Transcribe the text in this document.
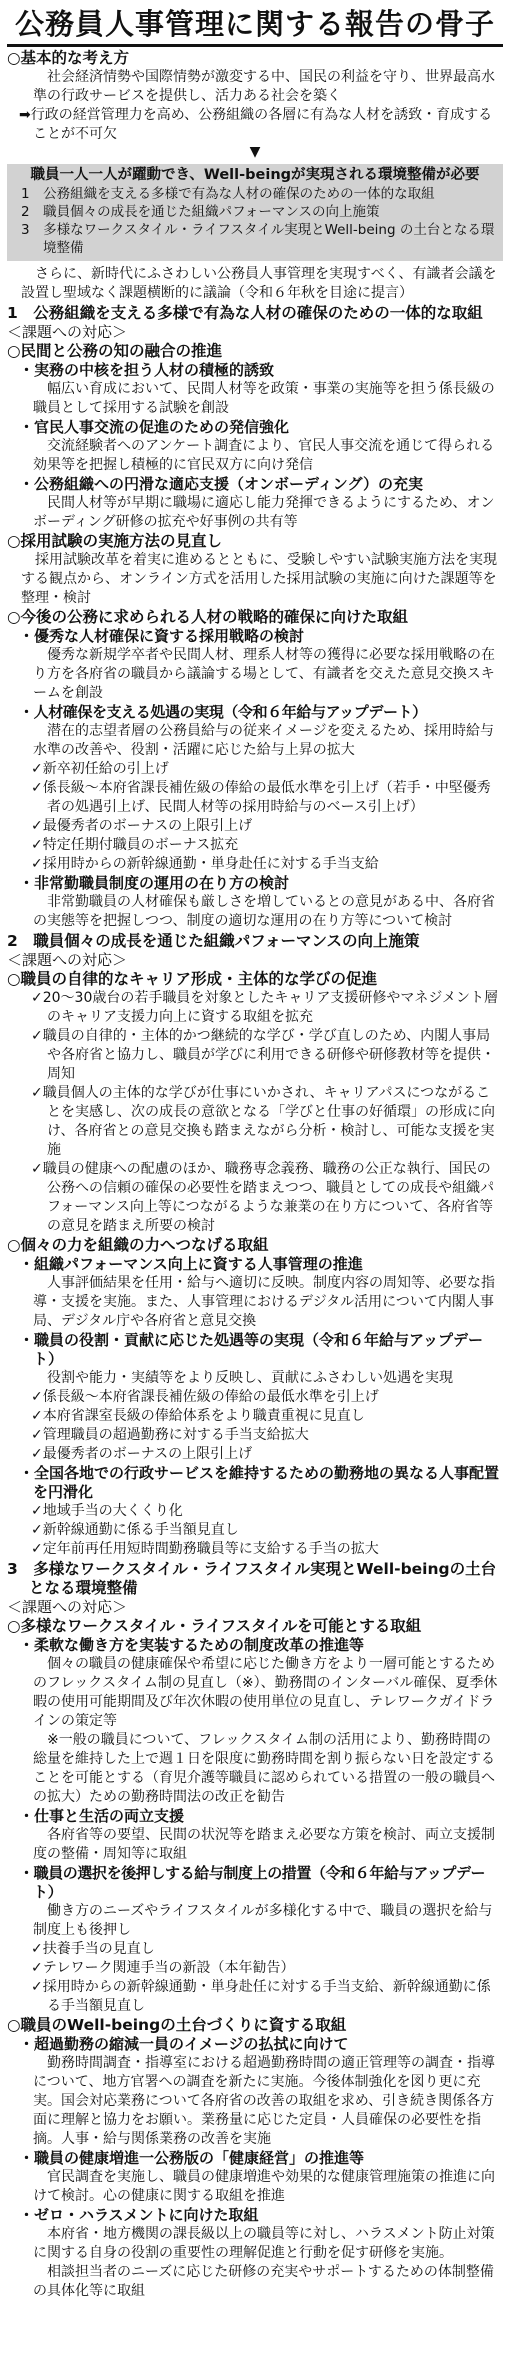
公務員人事管理に関する報告の骨子
○基本的な考え方
社会経済情勢や国際情勢が激変する中、国民の利益を守り、世界最高水準の行政サービスを提供し、活力ある社会を築く
➡行政の経営管理力を高め、公務組織の各層に有為な人材を誘致・育成することが不可欠
▼
職員一人一人が躍動でき、Well-beingが実現される環境整備が必要
1　公務組織を支える多様で有為な人材の確保のための一体的な取組
2　職員個々の成長を通じた組織パフォーマンスの向上施策
3　多様なワークスタイル・ライフスタイル実現とWell-being の土台となる環境整備
さらに、新時代にふさわしい公務員人事管理を実現すべく、有識者会議を設置し聖域なく課題横断的に議論（令和６年秋を目途に提言）
1　公務組織を支える多様で有為な人材の確保のための一体的な取組
＜課題への対応＞
○民間と公務の知の融合の推進
・実務の中核を担う人材の積極的誘致
幅広い育成において、民間人材等を政策・事業の実施等を担う係長級の職員として採用する試験を創設
・官民人事交流の促進のための発信強化
交流経験者へのアンケート調査により、官民人事交流を通じて得られる効果等を把握し積極的に官民双方に向け発信
・公務組織への円滑な適応支援（オンボーディング）の充実
民間人材等が早期に職場に適応し能力発揮できるようにするため、オンボーディング研修の拡充や好事例の共有等
○採用試験の実施方法の見直し
採用試験改革を着実に進めるとともに、受験しやすい試験実施方法を実現する観点から、オンライン方式を活用した採用試験の実施に向けた課題等を整理・検討
○今後の公務に求められる人材の戦略的確保に向けた取組
・優秀な人材確保に資する採用戦略の検討
優秀な新規学卒者や民間人材、理系人材等の獲得に必要な採用戦略の在り方を各府省の職員から議論する場として、有識者を交えた意見交換スキームを創設
・人材確保を支える処遇の実現（令和６年給与アップデート）
潜在的志望者層の公務員給与の従来イメージを変えるため、採用時給与水準の改善や、役割・活躍に応じた給与上昇の拡大
✓新卒初任給の引上げ
✓係長級〜本府省課長補佐級の俸給の最低水準を引上げ（若手・中堅優秀者の処遇引上げ、民間人材等の採用時給与のベース引上げ）
✓最優秀者のボーナスの上限引上げ
✓特定任期付職員のボーナス拡充
✓採用時からの新幹線通勤・単身赴任に対する手当支給
・非常勤職員制度の運用の在り方の検討
非常勤職員の人材確保も厳しさを増しているとの意見がある中、各府省の実態等を把握しつつ、制度の適切な運用の在り方等について検討
2　職員個々の成長を通じた組織パフォーマンスの向上施策
＜課題への対応＞
○職員の自律的なキャリア形成・主体的な学びの促進
✓20〜30歳台の若手職員を対象としたキャリア支援研修やマネジメント層のキャリア支援力向上に資する取組を拡充
✓職員の自律的・主体的かつ継続的な学び・学び直しのため、内閣人事局や各府省と協力し、職員が学びに利用できる研修や研修教材等を提供・周知
✓職員個人の主体的な学びが仕事にいかされ、キャリアパスにつながることを実感し、次の成長の意欲となる「学びと仕事の好循環」の形成に向け、各府省との意見交換も踏まえながら分析・検討し、可能な支援を実施
✓職員の健康への配慮のほか、職務専念義務、職務の公正な執行、国民の公務への信頼の確保の必要性を踏まえつつ、職員としての成長や組織パフォーマンス向上等につながるような兼業の在り方について、各府省等の意見を踏まえ所要の検討
○個々の力を組織の力へつなげる取組
・組織パフォーマンス向上に資する人事管理の推進
人事評価結果を任用・給与へ適切に反映。制度内容の周知等、必要な指導・支援を実施。また、人事管理におけるデジタル活用について内閣人事局、デジタル庁や各府省と意見交換
・職員の役割・貢献に応じた処遇等の実現（令和６年給与アップデート）
役割や能力・実績等をより反映し、貢献にふさわしい処遇を実現
✓係長級〜本府省課長補佐級の俸給の最低水準を引上げ
✓本府省課室長級の俸給体系をより職責重視に見直し
✓管理職員の超過勤務に対する手当支給拡大
✓最優秀者のボーナスの上限引上げ
・全国各地での行政サービスを維持するための勤務地の異なる人事配置を円滑化
✓地域手当の大くくり化
✓新幹線通勤に係る手当額見直し
✓定年前再任用短時間勤務職員等に支給する手当の拡大
3　多様なワークスタイル・ライフスタイル実現とWell-beingの土台となる環境整備
＜課題への対応＞
○多様なワークスタイル・ライフスタイルを可能とする取組
・柔軟な働き方を実装するための制度改革の推進等
個々の職員の健康確保や希望に応じた働き方をより一層可能とするためのフレックスタイム制の見直し（※）、勤務間のインターバル確保、夏季休暇の使用可能期間及び年次休暇の使用単位の見直し、テレワークガイドラインの策定等
※一般の職員について、フレックスタイム制の活用により、勤務時間の総量を維持した上で週１日を限度に勤務時間を割り振らない日を設定することを可能とする（育児介護等職員に認められている措置の一般の職員への拡大）ための勤務時間法の改正を勧告
・仕事と生活の両立支援
各府省等の要望、民間の状況等を踏まえ必要な方策を検討、両立支援制度の整備・周知等に取組
・職員の選択を後押しする給与制度上の措置（令和６年給与アップデート）
働き方のニーズやライフスタイルが多様化する中で、職員の選択を給与制度上も後押し
✓扶養手当の見直し
✓テレワーク関連手当の新設（本年勧告）
✓採用時からの新幹線通勤・単身赴任に対する手当支給、新幹線通勤に係る手当額見直し
○職員のWell-beingの土台づくりに資する取組
・超過勤務の縮減一員のイメージの払拭に向けて
勤務時間調査・指導室における超過勤務時間の適正管理等の調査・指導について、地方官署への調査を新たに実施。今後体制強化を図り更に充実。国会対応業務について各府省の改善の取組を求め、引き続き関係各方面に理解と協力をお願い。業務量に応じた定員・人員確保の必要性を指摘。人事・給与関係業務の改善を実施
・職員の健康増進一公務版の「健康経営」の推進等
官民調査を実施し、職員の健康増進や効果的な健康管理施策の推進に向けて検討。心の健康に関する取組を推進
・ゼロ・ハラスメントに向けた取組
本府省・地方機関の課長級以上の職員等に対し、ハラスメント防止対策に関する自身の役割の重要性の理解促進と行動を促す研修を実施。
相談担当者のニーズに応じた研修の充実やサポートするための体制整備の具体化等に取組
